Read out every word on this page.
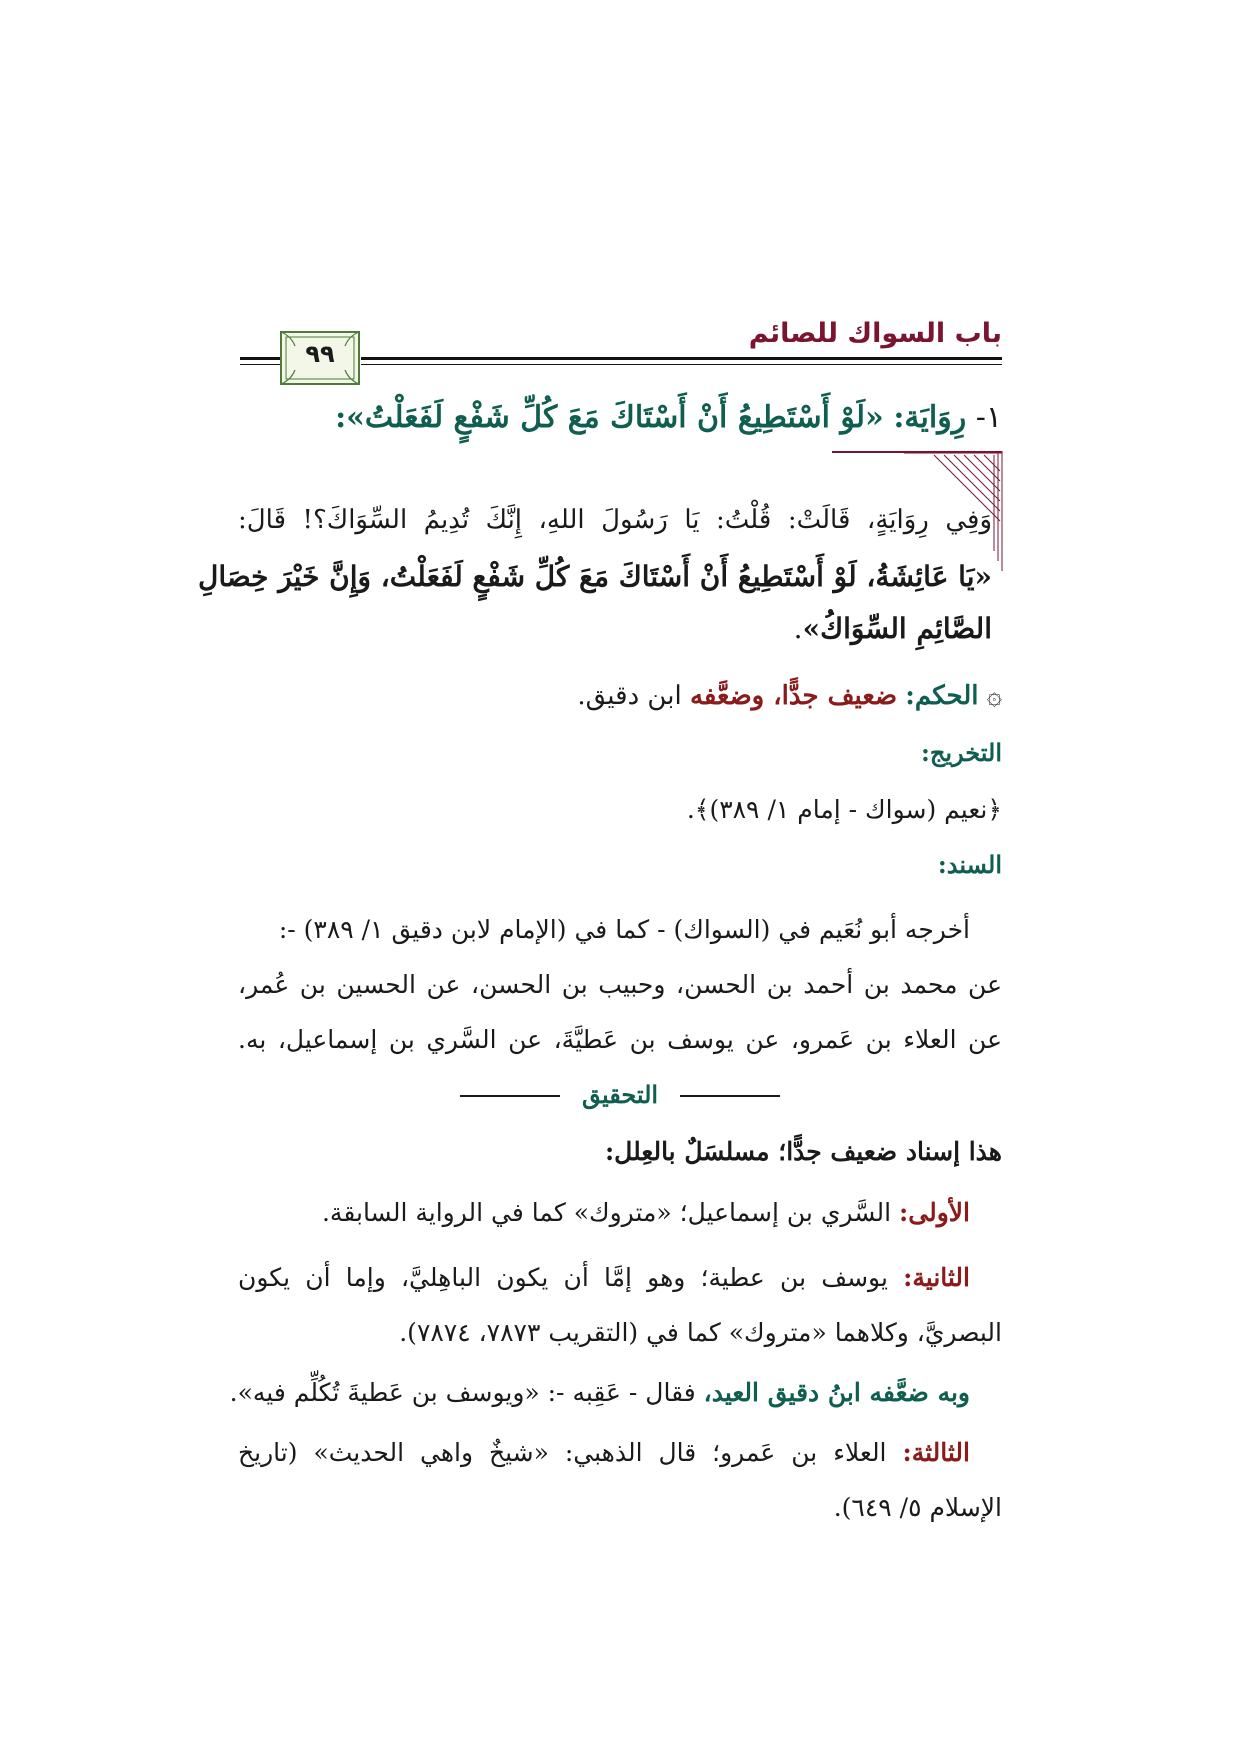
باب السواك للصائم
٩٩
١- رِوَايَة: «لَوْ أَسْتَطِيعُ أَنْ أَسْتَاكَ مَعَ كُلِّ شَفْعٍ لَفَعَلْتُ»:
وَفِي رِوَايَةٍ، قَالَتْ: قُلْتُ: يَا رَسُولَ اللهِ، إِنَّكَ تُدِيمُ السِّوَاكَ؟! قَالَ:
«يَا عَائِشَةُ، لَوْ أَسْتَطِيعُ أَنْ أَسْتَاكَ مَعَ كُلِّ شَفْعٍ لَفَعَلْتُ، وَإِنَّ خَيْرَ خِصَالِ
الصَّائِمِ السِّوَاكُ».
۞ الحكم: ضعيف جدًّا، وضعَّفه ابن دقيق.
التخريج:
﴿نعيم (سواك - إمام ١/ ٣٨٩)﴾.
السند:
أخرجه أبو نُعَيم في (السواك) - كما في (الإمام لابن دقيق ١/ ٣٨٩) -:
عن محمد بن أحمد بن الحسن، وحبيب بن الحسن، عن الحسين بن عُمر،
عن العلاء بن عَمرو، عن يوسف بن عَطيَّةَ، عن السَّري بن إسماعيل، به.
التحقيق
هذا إسناد ضعيف جدًّا؛ مسلسَلٌ بالعِلل:
الأولى: السَّري بن إسماعيل؛ «متروك» كما في الرواية السابقة.
الثانية: يوسف بن عطية؛ وهو إمَّا أن يكون الباهِليَّ، وإما أن يكون
البصريَّ، وكلاهما «متروك» كما في (التقريب ٧٨٧٣، ٧٨٧٤).
وبه ضعَّفه ابنُ دقيق العيد، فقال - عَقِبه -: «ويوسف بن عَطيةَ تُكُلِّم فيه».
الثالثة: العلاء بن عَمرو؛ قال الذهبي: «شيخٌ واهي الحديث» (تاريخ
الإسلام ٥/ ٦٤٩).
